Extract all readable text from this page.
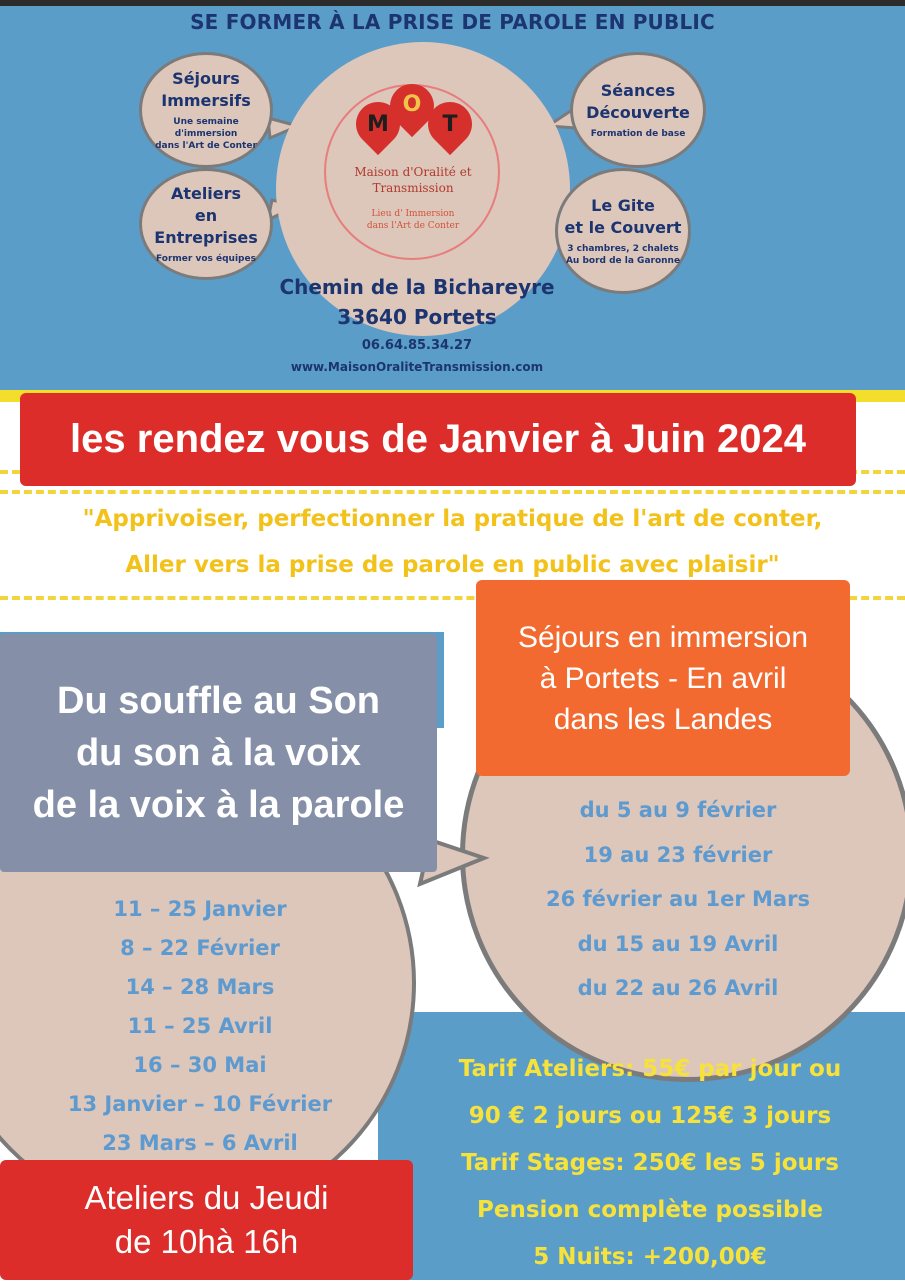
SE FORMER À LA PRISE DE PAROLE EN PUBLIC
M
O
T
Maison d'Oralité et
Transmission
Lieu d' Immersion
dans l'Art de Conter
Séjours
Immersifs
Une semaine d'immersion
dans l'Art de Conter
Séances
Découverte
Formation de base
Ateliers
en Entreprises
Former vos équipes
Le Gite
et le Couvert
3 chambres, 2 chalets
Au bord de la Garonne
Chemin de la Bichareyre
33640 Portets
06.64.85.34.27
www.MaisonOraliteTransmission.com
les rendez vous de Janvier à Juin 2024
"Apprivoiser, perfectionner la pratique de l'art de conter,
Aller vers la prise de parole en public avec plaisir"
Du souffle au Son
du son à la voix
de la voix à la parole
Séjours en immersion
à Portets - En avril
dans les Landes
11 – 25 Janvier
8 – 22 Février
14 – 28 Mars
11 – 25 Avril
16 – 30 Mai
13 Janvier – 10 Février
23 Mars – 6 Avril
du 5 au 9 février
19 au 23 février
26 février au 1er Mars
du 15 au 19 Avril
du 22 au 26 Avril
Tarif Ateliers: 55€ par jour ou
90 € 2 jours ou 125€ 3 jours
Tarif Stages: 250€ les 5 jours
Pension complète possible
5 Nuits: +200,00€
Ateliers du Jeudi
de 10hà 16h
